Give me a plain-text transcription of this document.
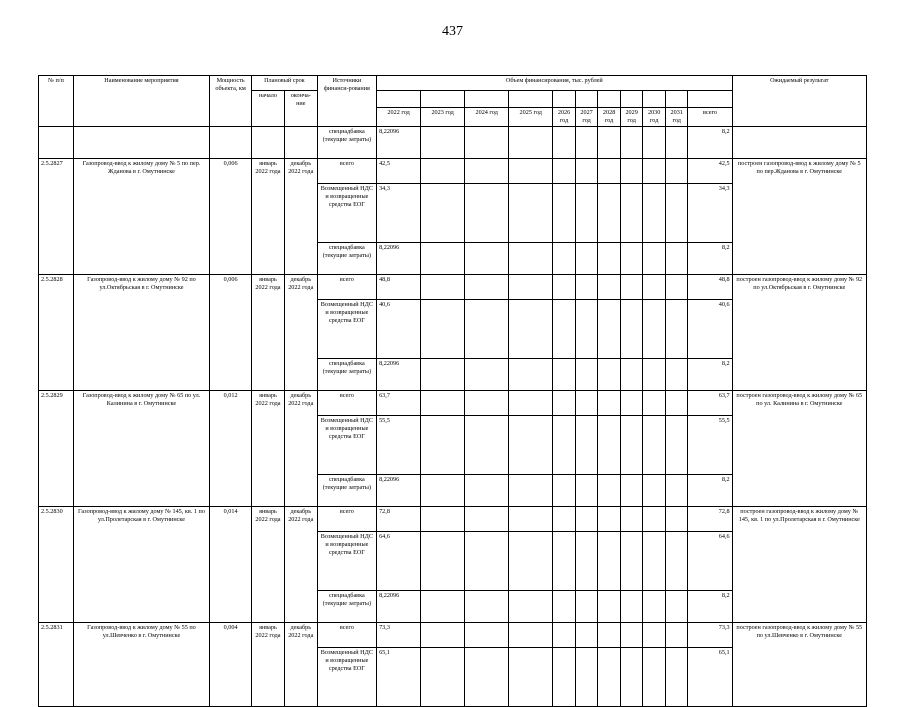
437
№ п/п	Наименование мероприятия	Мощность объекта, км	Плановый срок		Источники финанси-рования	Объем финансирования, тыс. рублей											Ожидаемый результат
			начало	оконча-ние													
						2022 год	2023 год	2024 год	2025 год	2026 год	2027 год	2028 год	2029 год	2030 год	2031 год	всего	
					спецнадбавка (текущие затраты)	8,22096										8,2	
2.5.2827	Газопровод-ввод к жилому дому № 5 по пер. Жданова в г. Омутнинске	0,006	январь 2022 года	декабрь 2022 года	всего	42,5										42,5	построен газопровод-ввод к жилому дому № 5 по пер.Жданова в г. Омутнинске
					Возмещенный НДС и возвращенные средства ЕОГ	34,3										34,3	
					спецнадбавка (текущие затраты)	8,22096										8,2	
2.5.2828	Газопровод-ввод к жилому дому № 92 по ул.Октябрьская в г. Омутнинске	0,006	январь 2022 года	декабрь 2022 года	всего	48,8										48,8	построен газопровод-ввод к жилому дому № 92 по ул.Октябрьская в г. Омутнинске
					Возмещенный НДС и возвращенные средства ЕОГ	40,6										40,6	
					спецнадбавка (текущие затраты)	8,22096										8,2	
2.5.2829	Газопровод-ввод к жилому дому № 65 по ул. Калинина в г. Омутнинске	0,012	январь 2022 года	декабрь 2022 года	всего	63,7										63,7	построен газопровод-ввод к жилому дому № 65 по ул. Калинина в г. Омутнинске
					Возмещенный НДС и возвращенные средства ЕОГ	55,5										55,5	
					спецнадбавка (текущие затраты)	8,22096										8,2	
2.5.2830	Газопровод-ввод к жилому дому № 145, кв. 1 по ул.Пролетарская в г. Омутнинске	0,014	январь 2022 года	декабрь 2022 года	всего	72,8										72,8	построен газопровод-ввод к жилому дому № 145, кв. 1 по ул.Пролетарская в г. Омутнинске
					Возмещенный НДС и возвращенные средства ЕОГ	64,6										64,6	
					спецнадбавка (текущие затраты)	8,22096										8,2	
2.5.2831	Газопровод-ввод к жилому дому № 55 по ул.Шевченко в г. Омутнинске	0,004	январь 2022 года	декабрь 2022 года	всего	73,3										73,3	построен газопровод-ввод к жилому дому № 55 по ул.Шевченко в г. Омутнинске
					Возмещенный НДС и возвращенные средства ЕОГ	65,1										65,1	
